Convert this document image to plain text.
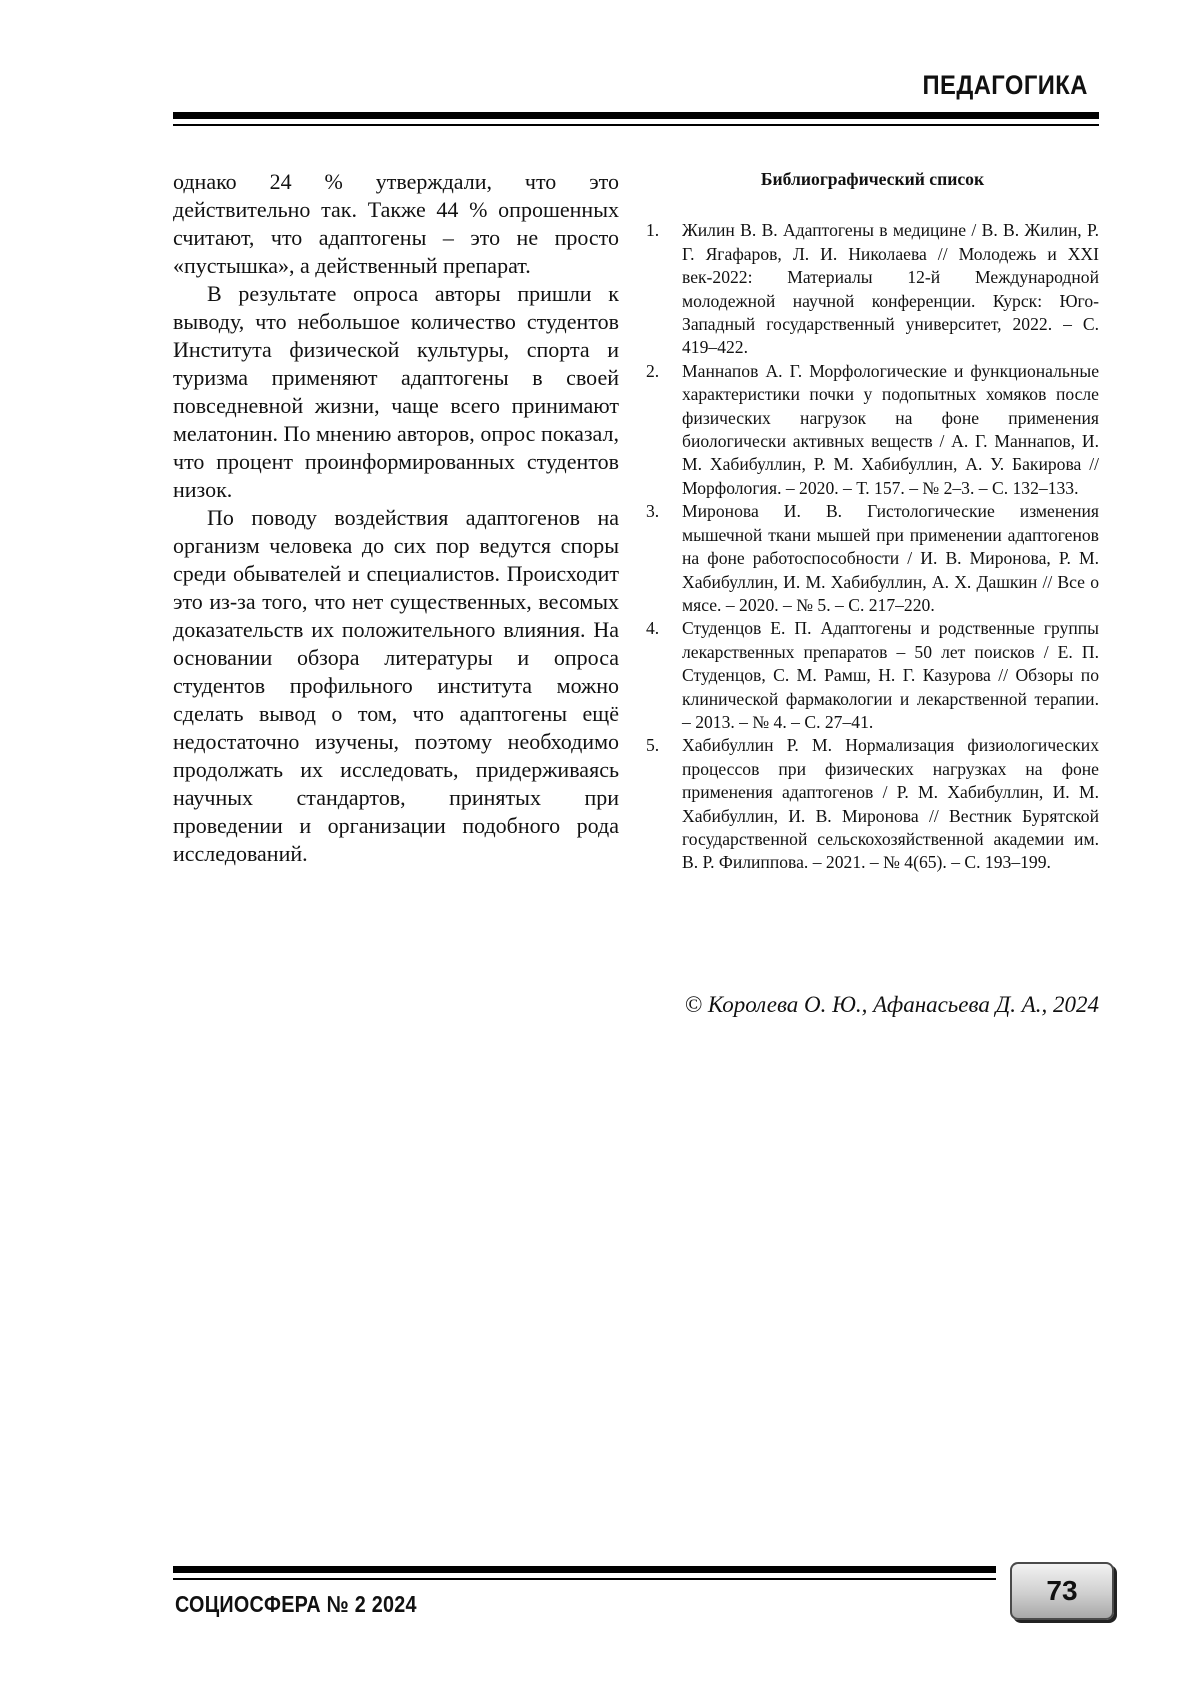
ПЕДАГОГИКА

однако 24 % утверждали, что это действительно так. Также 44 % опрошенных считают, что адаптогены – это не просто «пустышка», а действенный препарат.

В результате опроса авторы пришли к выводу, что небольшое количество студентов Института физической культуры, спорта и туризма применяют адаптогены в своей повседневной жизни, чаще всего принимают мелатонин. По мнению авторов, опрос показал, что процент проинформированных студентов низок.

По поводу воздействия адаптогенов на организм человека до сих пор ведутся споры среди обывателей и специалистов. Происходит это из-за того, что нет существенных, весомых доказательств их положительного влияния. На основании обзора литературы и опроса студентов профильного института можно сделать вывод о том, что адаптогены ещё недостаточно изучены, поэтому необходимо продолжать их исследовать, придерживаясь научных стандартов, принятых при проведении и организации подобного рода исследований.

Библиографический список
1.	Жилин В. В. Адаптогены в медицине / В. В. Жилин, Р. Г. Ягафаров, Л. И. Николаева // Молодежь и XXI век-2022: Материалы 12-й Международной молодежной научной конференции. Курск: Юго-Западный государственный университет, 2022. – С. 419–422.
2.	Маннапов А. Г. Морфологические и функциональные характеристики почки у подопытных хомяков после физических нагрузок на фоне применения биологически активных веществ / А. Г. Маннапов, И. М. Хабибуллин, Р. М. Хабибуллин, А. У. Бакирова // Морфология. – 2020. – Т. 157. – № 2–3. – С. 132–133.
3.	Миронова И. В. Гистологические изменения мышечной ткани мышей при применении адаптогенов на фоне работоспособности / И. В. Миронова, Р. М. Хабибуллин, И. М. Хабибуллин, А. Х. Дашкин // Все о мясе. – 2020. – № 5. – С. 217–220.
4.	Студенцов Е. П. Адаптогены и родственные группы лекарственных препаратов – 50 лет поисков / Е. П. Студенцов, С. М. Рамш, Н. Г. Казурова // Обзоры по клинической фармакологии и лекарственной терапии. – 2013. – № 4. – С. 27–41.
5.	Хабибуллин Р. М. Нормализация физиологических процессов при физических нагрузках на фоне применения адаптогенов / Р. М. Хабибуллин, И. М. Хабибуллин, И. В. Миронова // Вестник Бурятской государственной сельскохозяйственной академии им. В. Р. Филиппова. – 2021. – № 4(65). – С. 193–199.
© Королева О. Ю., Афанасьева Д. А., 2024
СОЦИОСФЕРА № 2 2024	73
